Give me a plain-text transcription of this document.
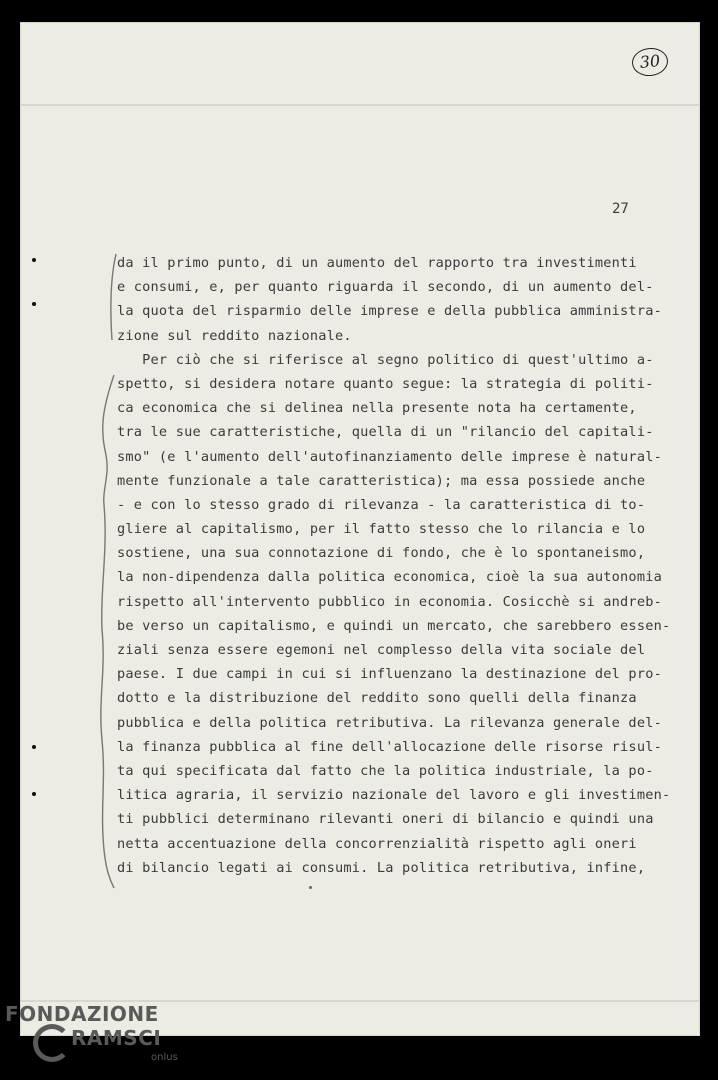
30
27
da il primo punto, di un aumento del rapporto tra investimenti
e consumi, e, per quanto riguarda il secondo, di un aumento del-
la quota del risparmio delle imprese e della pubblica amministra-
zione sul reddito nazionale.
Per ciò che si riferisce al segno politico di quest'ultimo a-
spetto, si desidera notare quanto segue: la strategia di politi-
ca economica che si delinea nella presente nota ha certamente,
tra le sue caratteristiche, quella di un "rilancio del capitali-
smo" (e l'aumento dell'autofinanziamento delle imprese è natural-
mente funzionale a tale caratteristica); ma essa possiede anche
- e con lo stesso grado di rilevanza - la caratteristica di to-
gliere al capitalismo, per il fatto stesso che lo rilancia e lo
sostiene, una sua connotazione di fondo, che è lo spontaneismo,
la non-dipendenza dalla politica economica, cioè la sua autonomia
rispetto all'intervento pubblico in economia. Cosicchè si andreb-
be verso un capitalismo, e quindi un mercato, che sarebbero essen-
ziali senza essere egemoni nel complesso della vita sociale del
paese. I due campi in cui si influenzano la destinazione del pro-
dotto e la distribuzione del reddito sono quelli della finanza
pubblica e della politica retributiva. La rilevanza generale del-
la finanza pubblica al fine dell'allocazione delle risorse risul-
ta qui specificata dal fatto che la politica industriale, la po-
litica agraria, il servizio nazionale del lavoro e gli investimen-
ti pubblici determinano rilevanti oneri di bilancio e quindi una
netta accentuazione della concorrenzialità rispetto agli oneri
di bilancio legati ai consumi. La politica retributiva, infine,
FONDAZIONE
RAMSCI
onlus
